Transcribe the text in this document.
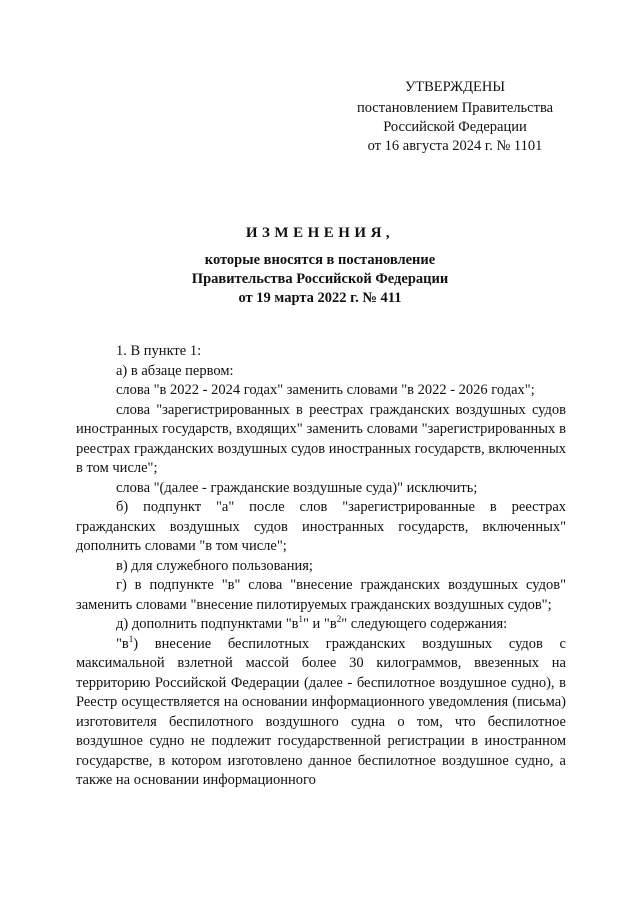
УТВЕРЖДЕНЫ
постановлением Правительства
Российской Федерации
от 16 августа 2024 г. № 1101
ИЗМЕНЕНИЯ,
которые вносятся в постановление
Правительства Российской Федерации
от 19 марта 2022 г. № 411

1. В пункте 1:

а) в абзаце первом:

слова "в 2022 - 2024 годах" заменить словами "в 2022 - 2026 годах";

слова "зарегистрированных в реестрах гражданских воздушных судов иностранных государств, входящих" заменить словами "зарегистрированных в реестрах гражданских воздушных судов иностранных государств, включенных в том числе";

слова "(далее - гражданские воздушные суда)" исключить;

б) подпункт "а" после слов "зарегистрированные в реестрах гражданских воздушных судов иностранных государств, включенных" дополнить словами "в том числе";

в) для служебного пользования;

г) в подпункте "в" слова "внесение гражданских воздушных судов" заменить словами "внесение пилотируемых гражданских воздушных судов";

д) дополнить подпунктами "$в^1$" и "$в^2$" следующего содержания:

"$в^1$) внесение беспилотных гражданских воздушных судов с максимальной взлетной массой более 30 килограммов, ввезенных на территорию Российской Федерации (далее - беспилотное воздушное судно), в Реестр осуществляется на основании информационного уведомления (письма) изготовителя беспилотного воздушного судна о том, что беспилотное воздушное судно не подлежит государственной регистрации в иностранном государстве, в котором изготовлено данное беспилотное воздушное судно, а также на основании информационного
